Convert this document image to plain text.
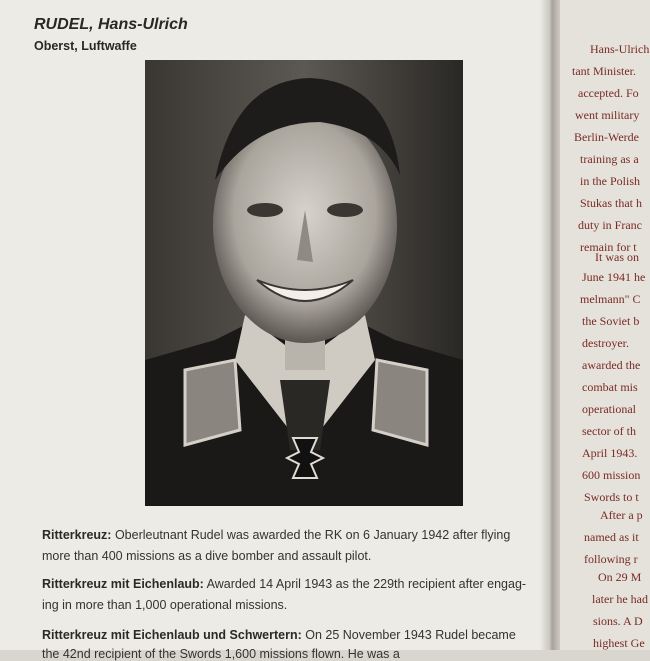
RUDEL, Hans-Ulrich
Oberst, Luftwaffe
Ritterkreuz: Oberleutnant Rudel was awarded the RK on 6 January 1942 after flying
more than 400 missions as a dive bomber and assault pilot.
Ritterkreuz mit Eichenlaub: Awarded 14 April 1943 as the 229th recipient after engag-
ing in more than 1,000 operational missions.
Ritterkreuz mit Eichenlaub und Schwertern: On 25 November 1943 Rudel became
the 42nd recipient of the Swords 1,600 missions flown. He was a
Hans-Ulrich
tant Minister.
accepted. Fo
went military
Berlin-Werde
training as a
in the Polish
Stukas that h
duty in Franc
remain for t
It was on
June 1941 he
melmann" C
the Soviet b
destroyer.
awarded the
combat mis
operational
sector of th
April 1943.
600 mission
Swords to t
After a p
named as it
following r
On 29 M
later he had
sions. A D
highest Ge
